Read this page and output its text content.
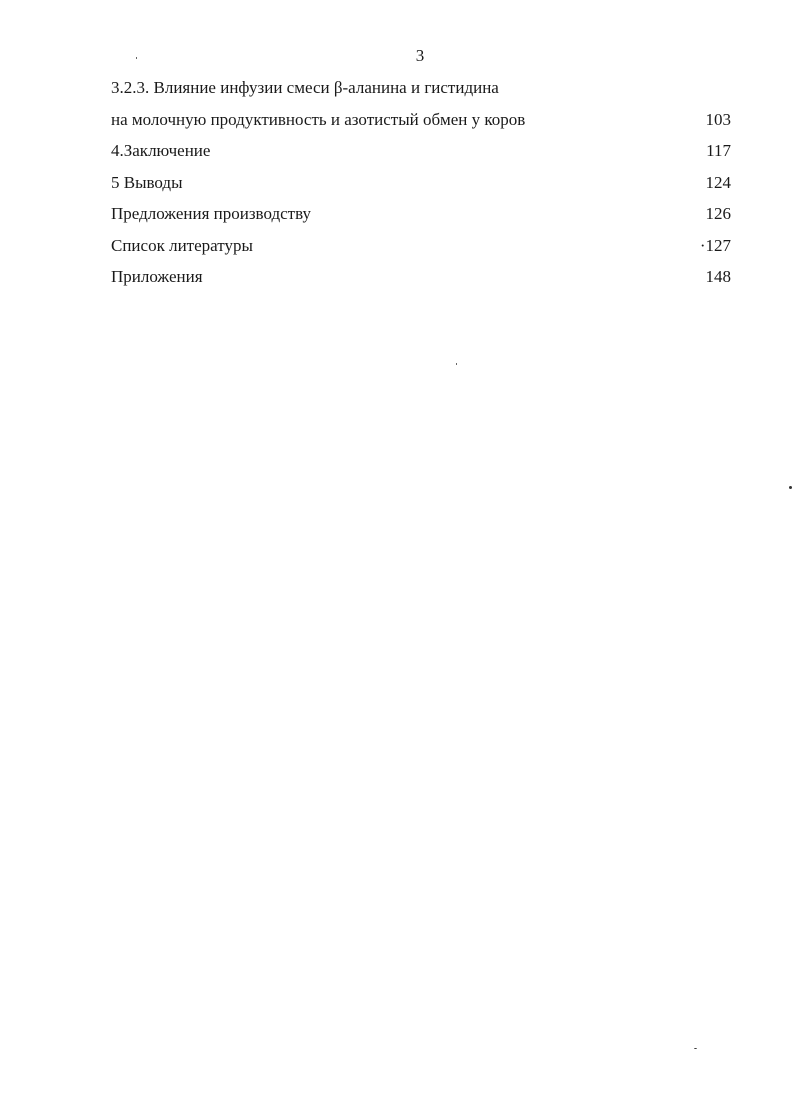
3
3.2.3. Влияние инфузии смеси β-аланина и гистидина
на молочную продуктивность и азотистый обмен у коров	103
4.Заключение	117
5 Выводы	124
Предложения производству	126
Список литературы	·127
Приложения	148
